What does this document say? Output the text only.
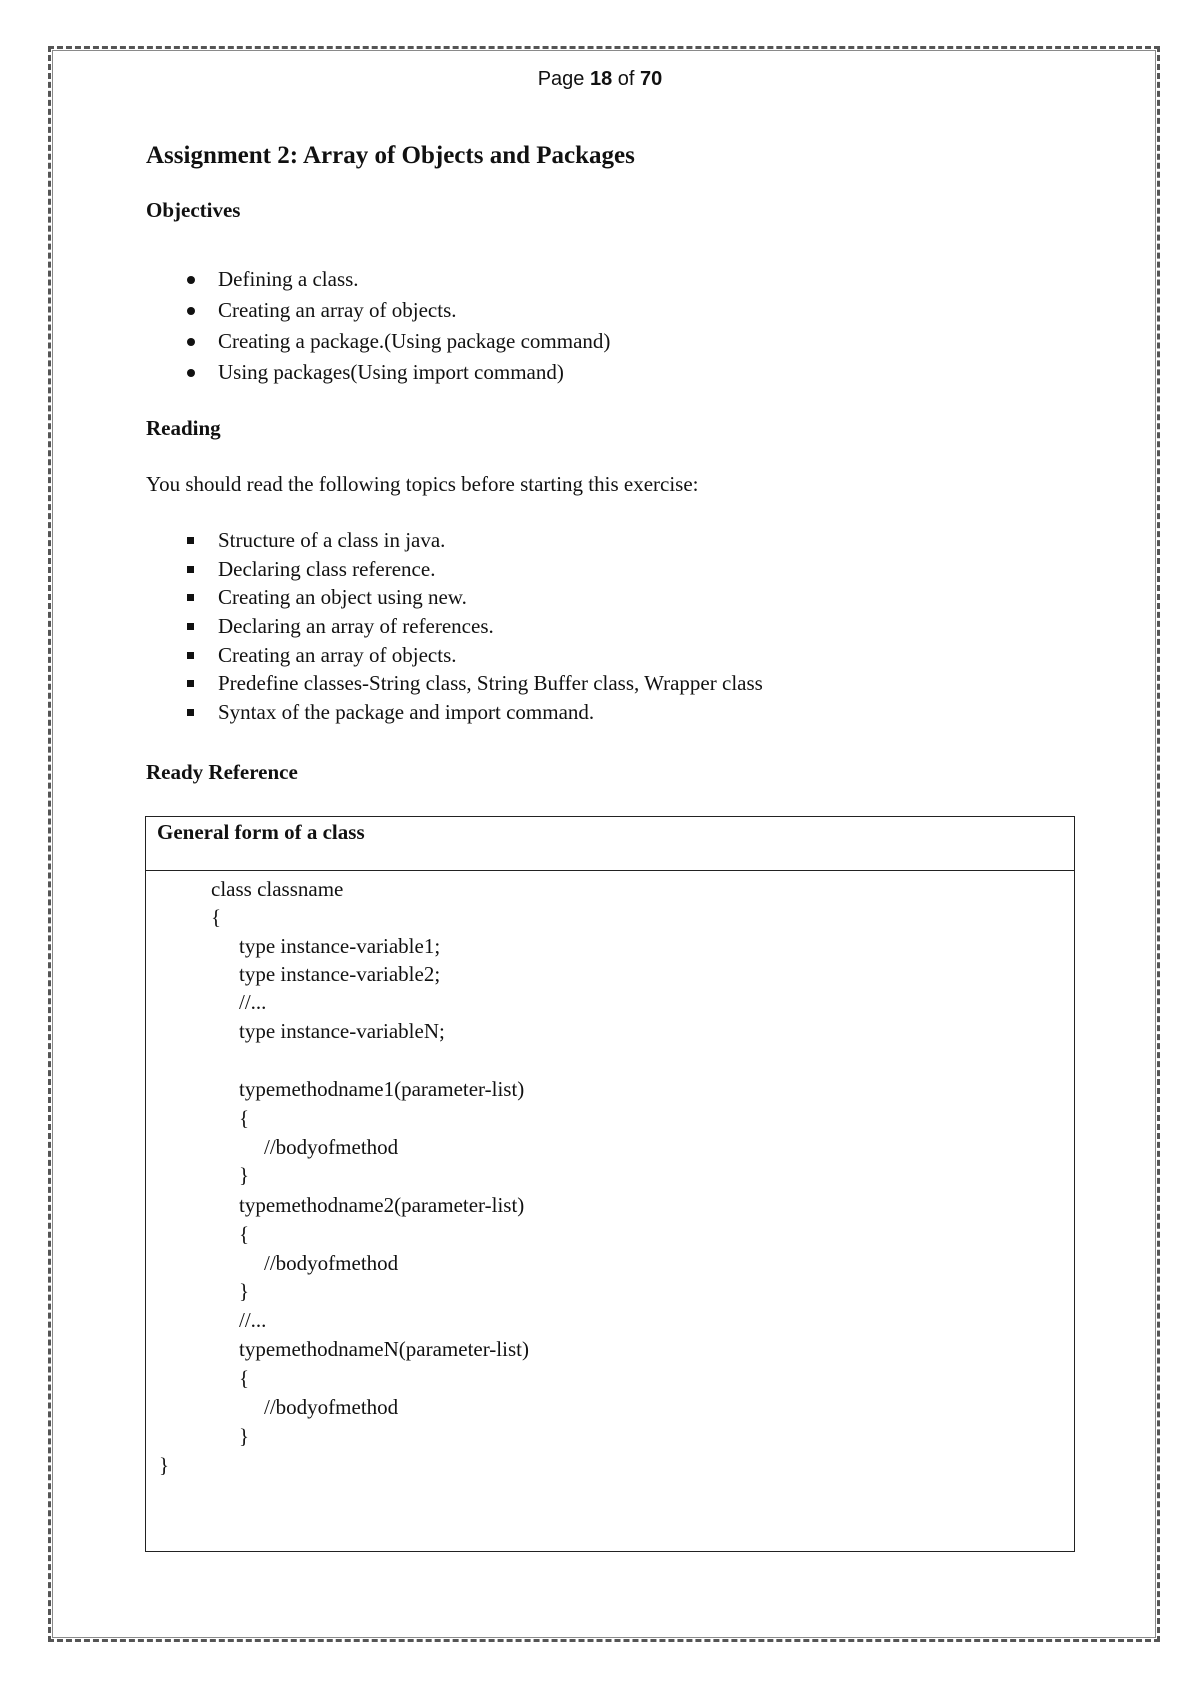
Page 18 of 70
Assignment 2: Array of Objects and Packages
Objectives
Defining a class.
Creating an array of objects.
Creating a package.(Using package command)
Using packages(Using import command)
Reading

You should read the following topics before starting this exercise:

Structure of a class in java.
Declaring class reference.
Creating an object using new.
Declaring an array of references.
Creating an array of objects.
Predefine classes-String class, String Buffer class, Wrapper class
Syntax of the package and import command.
Ready Reference
General form of a class
class classname
{
type instance-variable1;
type instance-variable2;
//...
type instance-variableN;
typemethodname1(parameter-list)
{
//bodyofmethod
}
typemethodname2(parameter-list)
{
//bodyofmethod
}
//...
typemethodnameN(parameter-list)
{
//bodyofmethod
}
}
